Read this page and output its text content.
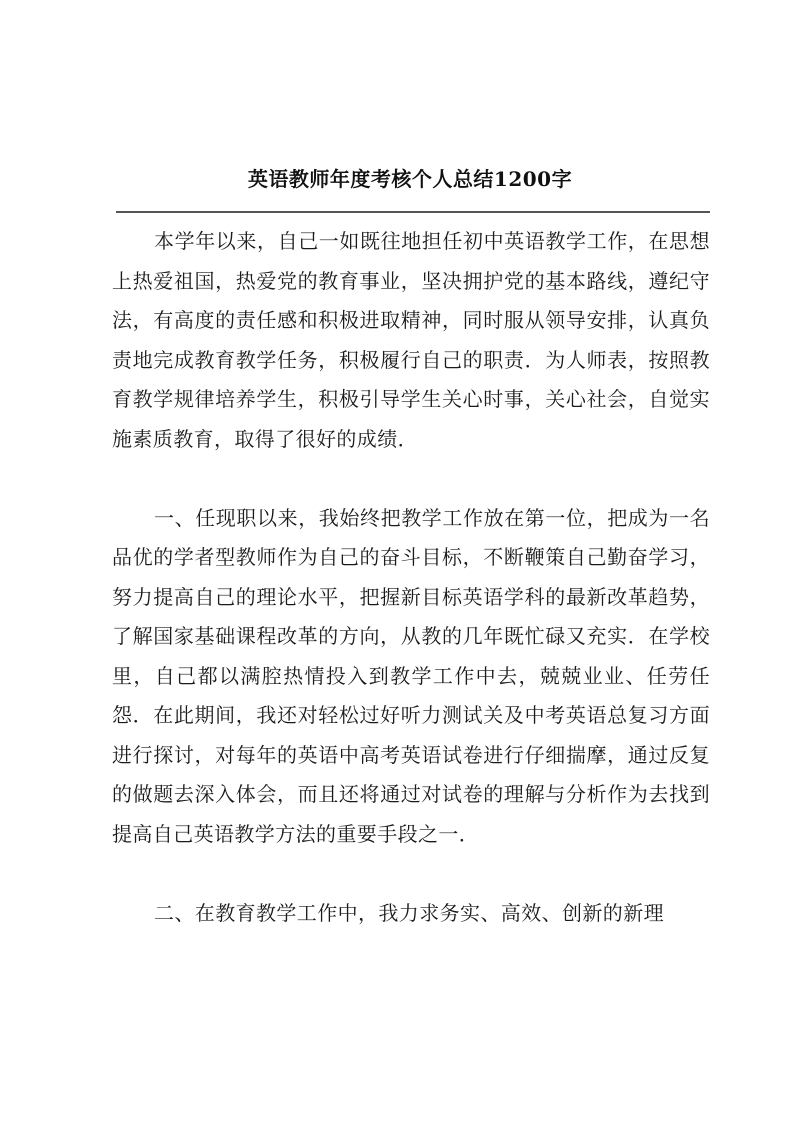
英语教师年度考核个人总结1200字

本学年以来，自己一如既往地担任初中英语教学工作，在思想上热爱祖国，热爱党的教育事业，坚决拥护党的基本路线，遵纪守法，有高度的责任感和积极进取精神，同时服从领导安排，认真负责地完成教育教学任务，积极履行自己的职责．为人师表，按照教育教学规律培养学生，积极引导学生关心时事，关心社会，自觉实施素质教育，取得了很好的成绩．

一、任现职以来，我始终把教学工作放在第一位，把成为一名品优的学者型教师作为自己的奋斗目标，不断鞭策自己勤奋学习，努力提高自己的理论水平，把握新目标英语学科的最新改革趋势，了解国家基础课程改革的方向，从教的几年既忙碌又充实．在学校里，自己都以满腔热情投入到教学工作中去，兢兢业业、任劳任怨．在此期间，我还对轻松过好听力测试关及中考英语总复习方面进行探讨，对每年的英语中高考英语试卷进行仔细揣摩，通过反复的做题去深入体会，而且还将通过对试卷的理解与分析作为去找到提高自己英语教学方法的重要手段之一．

二、在教育教学工作中，我力求务实、高效、创新的新理
